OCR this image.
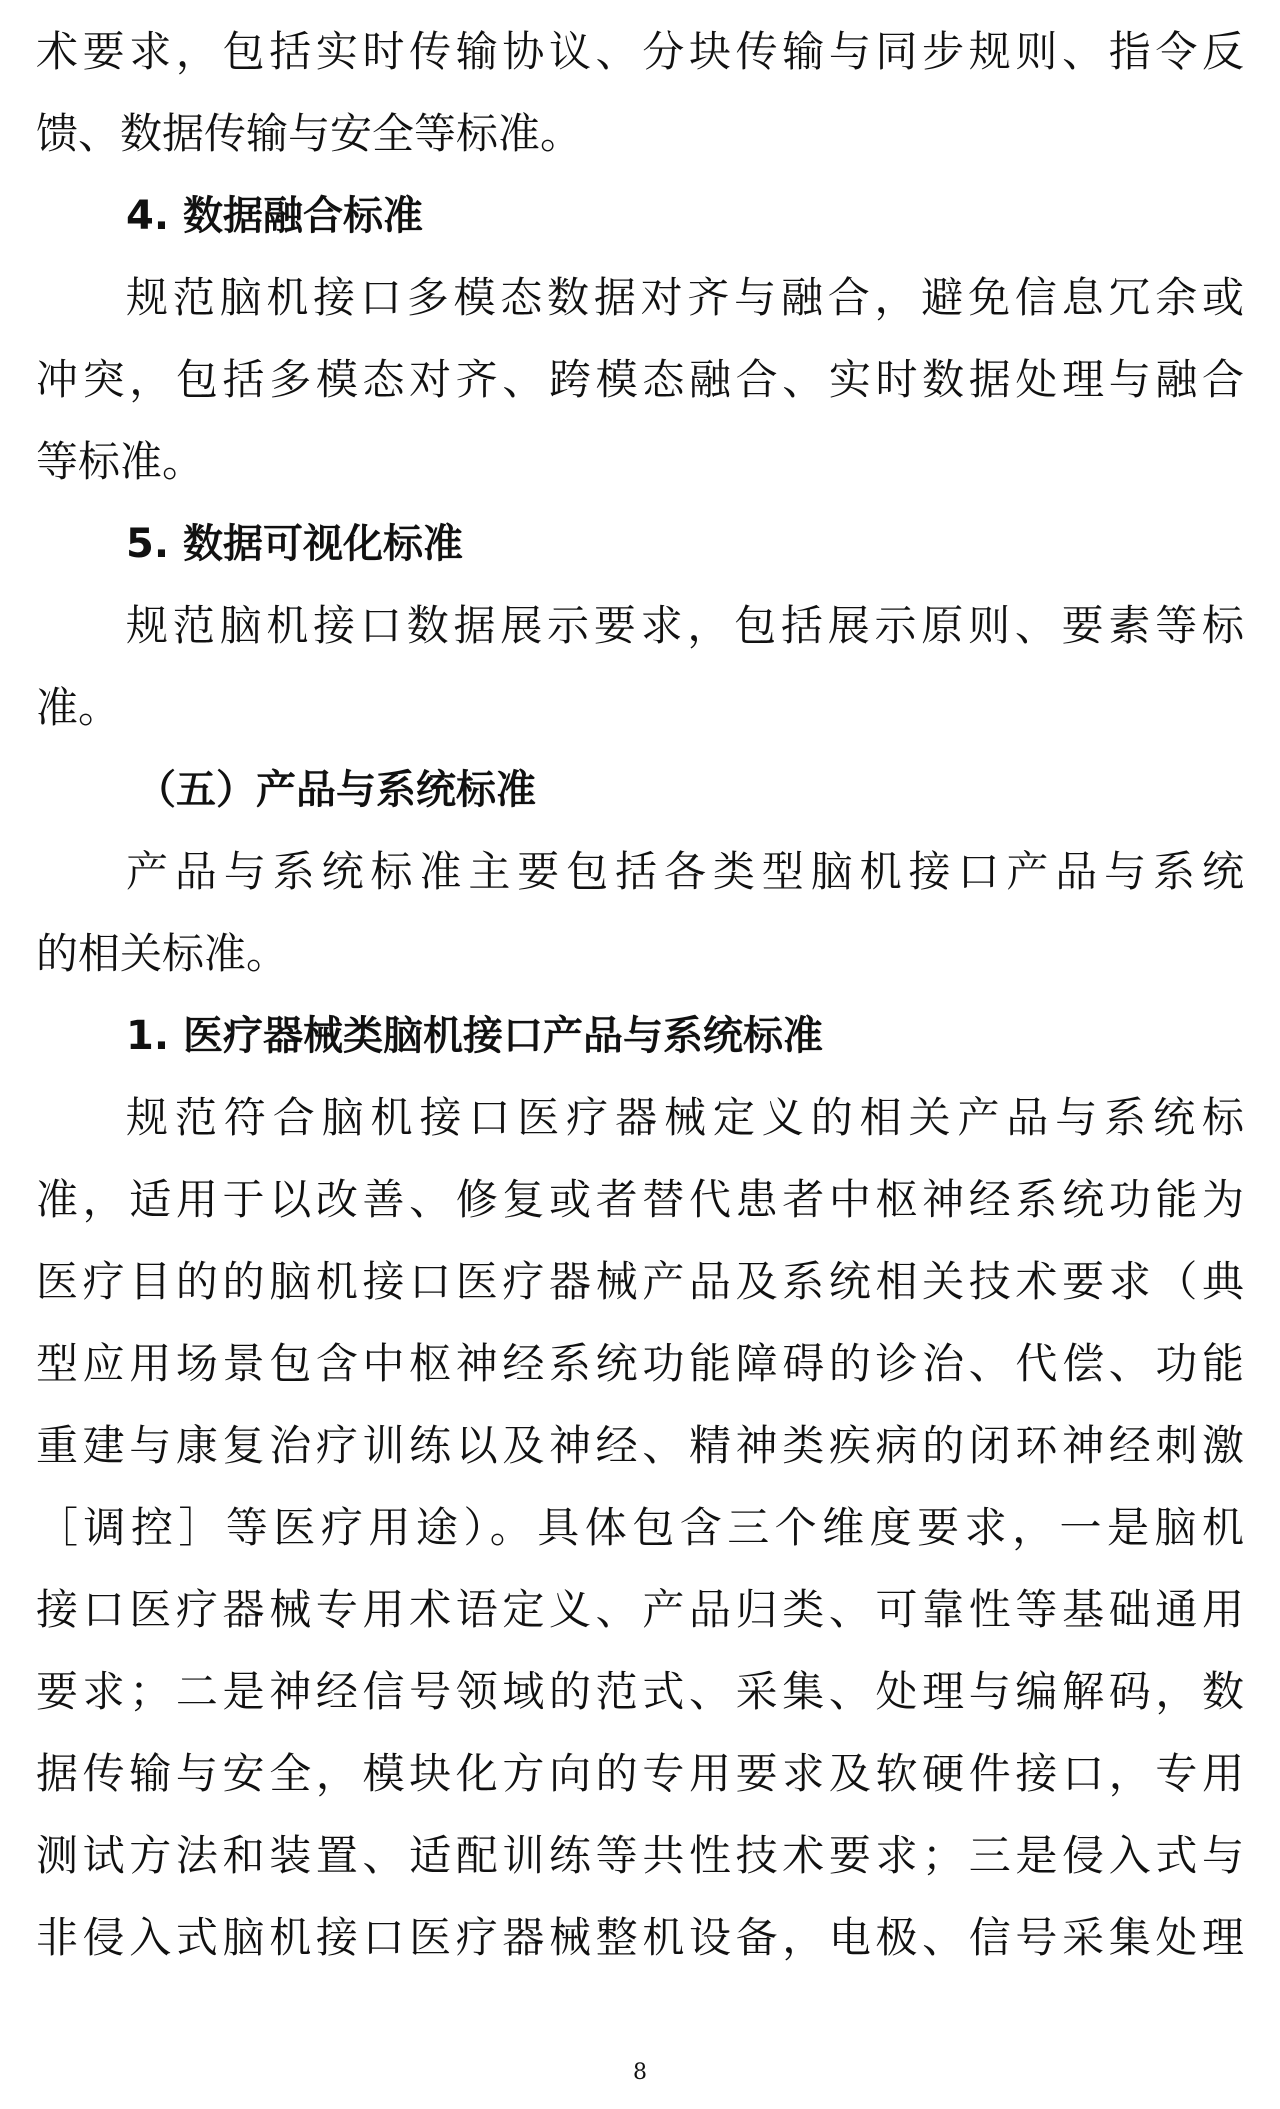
术要求，包括实时传输协议、分块传输与同步规则、指令反
馈、数据传输与安全等标准。
4. 数据融合标准
规范脑机接口多模态数据对齐与融合，避免信息冗余或
冲突，包括多模态对齐、跨模态融合、实时数据处理与融合
等标准。
5. 数据可视化标准
规范脑机接口数据展示要求，包括展示原则、要素等标
准。
（五）产品与系统标准
产品与系统标准主要包括各类型脑机接口产品与系统
的相关标准。
1. 医疗器械类脑机接口产品与系统标准
规范符合脑机接口医疗器械定义的相关产品与系统标
准，适用于以改善、修复或者替代患者中枢神经系统功能为
医疗目的的脑机接口医疗器械产品及系统相关技术要求（典
型应用场景包含中枢神经系统功能障碍的诊治、代偿、功能
重建与康复治疗训练以及神经、精神类疾病的闭环神经刺激
［调控］等医疗用途）。具体包含三个维度要求，一是脑机
接口医疗器械专用术语定义、产品归类、可靠性等基础通用
要求；二是神经信号领域的范式、采集、处理与编解码，数
据传输与安全，模块化方向的专用要求及软硬件接口，专用
测试方法和装置、适配训练等共性技术要求；三是侵入式与
非侵入式脑机接口医疗器械整机设备，电极、信号采集处理
8
